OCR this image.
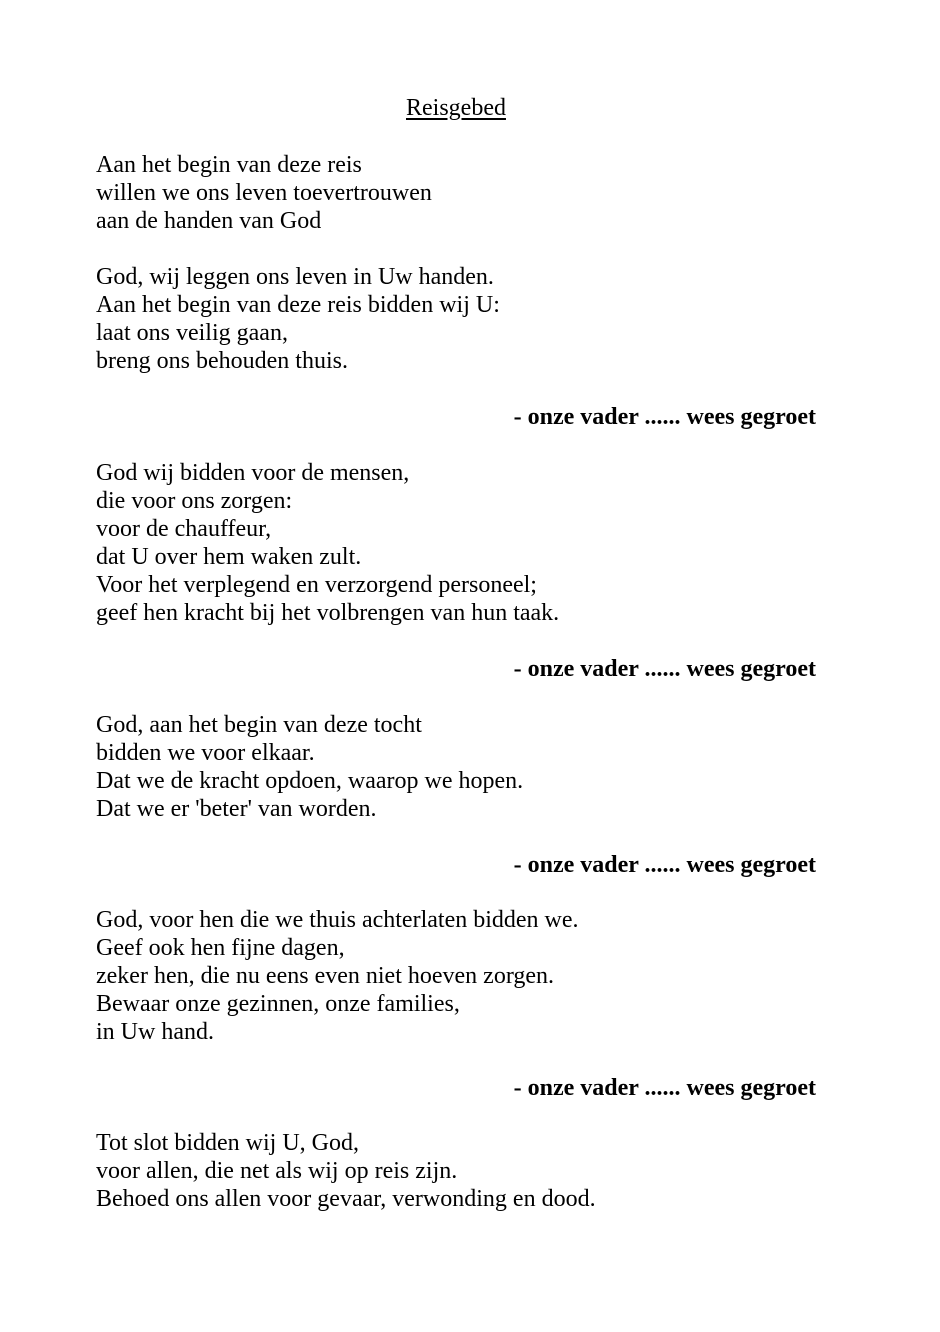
Reisgebed
Aan het begin van deze reis
willen we ons leven toevertrouwen
aan de handen van God
God, wij leggen ons leven in Uw handen.
Aan het begin van deze reis bidden wij U:
laat ons veilig gaan,
breng ons behouden thuis.
- onze vader ...... wees gegroet
God wij bidden voor de mensen,
die voor ons zorgen:
voor de chauffeur,
dat U over hem waken zult.
Voor het verplegend en verzorgend personeel;
geef hen kracht bij het volbrengen van hun taak.
- onze vader ...... wees gegroet
God, aan het begin van deze tocht
bidden we voor elkaar.
Dat we de kracht opdoen, waarop we hopen.
Dat we er 'beter' van worden.
- onze vader ...... wees gegroet
God, voor hen die we thuis achterlaten bidden we.
Geef ook hen fijne dagen,
zeker hen, die nu eens even niet hoeven zorgen.
Bewaar onze gezinnen, onze families,
in Uw hand.
- onze vader ...... wees gegroet
Tot slot bidden wij U, God,
voor allen, die net als wij op reis zijn.
Behoed ons allen voor gevaar, verwonding en dood.
